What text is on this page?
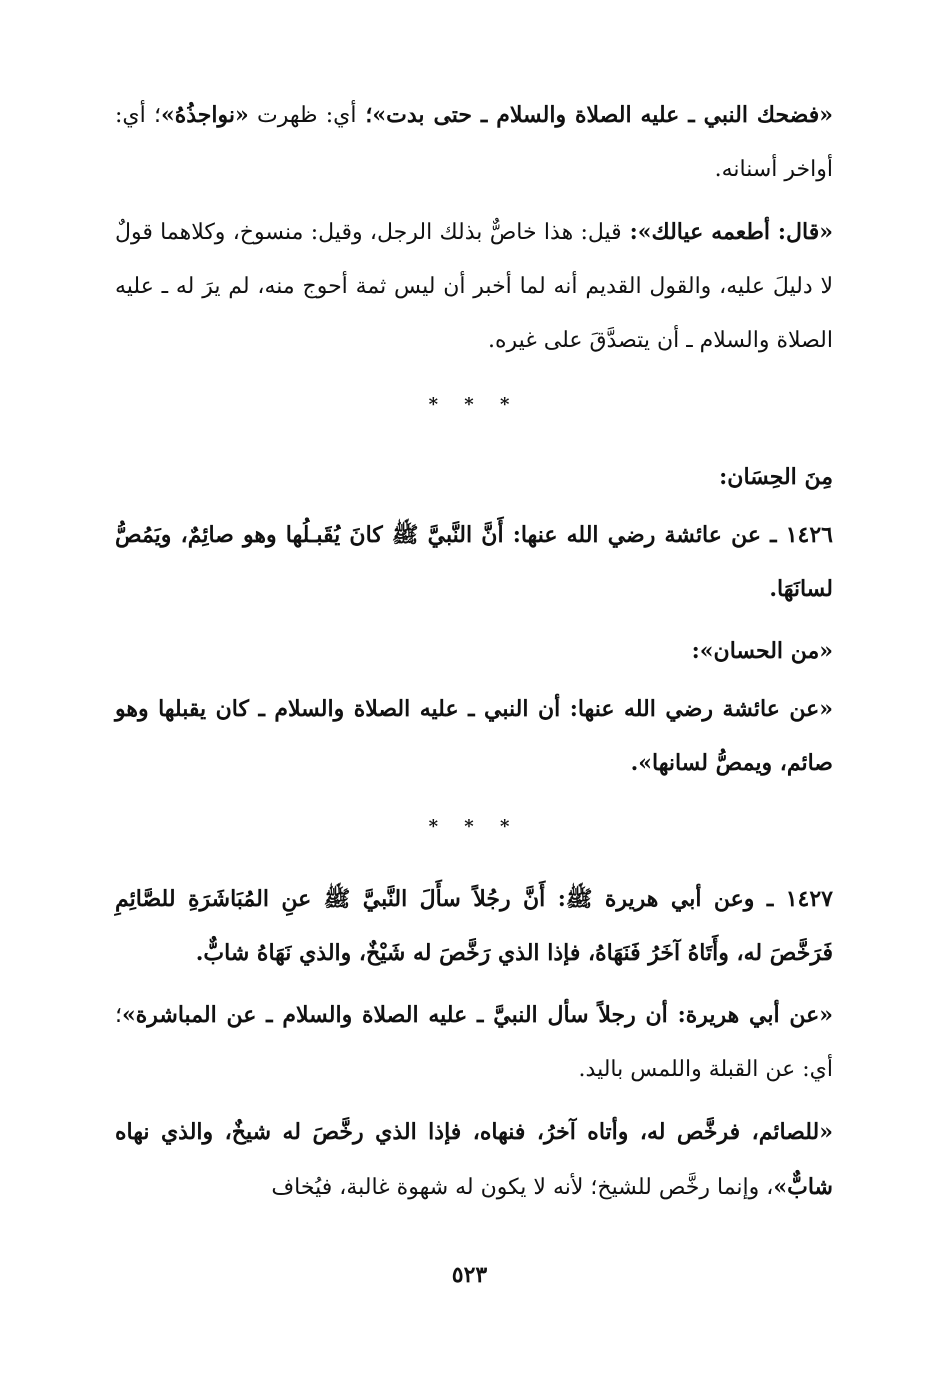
«فضحك النبي ـ عليه الصلاة والسلام ـ حتى بدت»؛ أي: ظهرت «نواجذُهُ»؛ أي: أواخر أسنانه.

«قال: أطعمه عيالك»: قيل: هذا خاصٌّ بذلك الرجل، وقيل: منسوخ، وكلاهما قولٌ لا دليلَ عليه، والقول القديم أنه لما أخبر أن ليس ثمة أحوج منه، لم يرَ له ـ عليه الصلاة والسلام ـ أن يتصدَّقَ على غيره.

* * *
مِنَ الحِسَان:

١٤٢٦ ـ عن عائشة رضي الله عنها: أَنَّ النَّبيَّ ﷺ كانَ يُقَبـلُها وهو صائِمٌ، ويَمُصُّ لسانَهَا.

«من الحسان»:

«عن عائشة رضي الله عنها: أن النبي ـ عليه الصلاة والسلام ـ كان يقبلها وهو صائم، ويمصُّ لسانها».

* * *

١٤٢٧ ـ وعن أبي هريرة ﷺ: أَنَّ رجُلاً سأَلَ النَّبيَّ ﷺ عنِ المُبَاشَرَةِ للصَّائِمِ فَرَخَّصَ له، وأَتَاهُ آخَرُ فَنَهَاهُ، فإذا الذي رَخَّصَ له شَيْخٌ، والذي نَهَاهُ شابٌّ.

«عن أبي هريرة: أن رجلاً سأل النبيَّ ـ عليه الصلاة والسلام ـ عن المباشرة»؛ أي: عن القبلة واللمس باليد.

«للصائم، فرخَّص له، وأتاه آخرُ، فنهاه، فإذا الذي رخَّصَ له شيخٌ، والذي نهاه شابٌّ»، وإنما رخَّص للشيخ؛ لأنه لا يكون له شهوة غالبة، فيُخاف

٥٢٣
